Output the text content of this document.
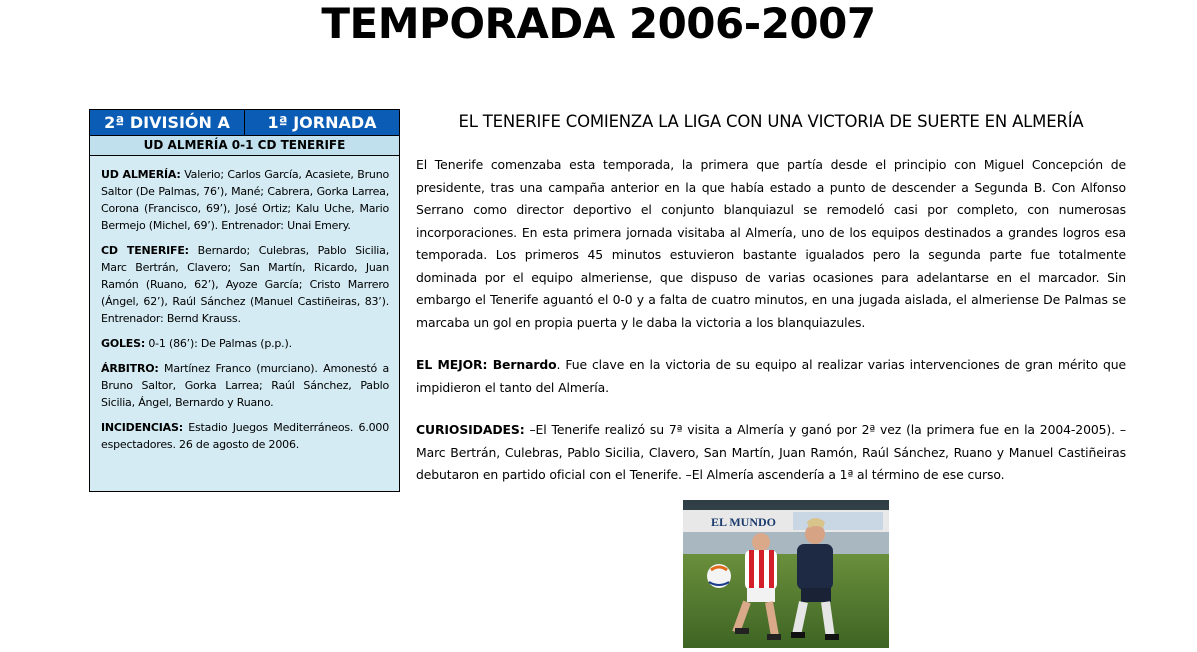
TEMPORADA 2006-2007
2ª DIVISIÓN A	1ª JORNADA
UD ALMERÍA 0-1 CD TENERIFE

UD ALMERÍA: Valerio; Carlos García, Acasiete, Bruno Saltor (De Palmas, 76’), Mané; Cabrera, Gorka Larrea, Corona (Francisco, 69’), José Ortiz; Kalu Uche, Mario Bermejo (Michel, 69’). Entrenador: Unai Emery.

CD TENERIFE: Bernardo; Culebras, Pablo Sicilia, Marc Bertrán, Clavero; San Martín, Ricardo, Juan Ramón (Ruano, 62’), Ayoze García; Cristo Marrero (Ángel, 62’), Raúl Sánchez (Manuel Castiñeiras, 83’). Entrenador: Bernd Krauss.

GOLES: 0-1 (86’): De Palmas (p.p.).

ÁRBITRO: Martínez Franco (murciano). Amonestó a Bruno Saltor, Gorka Larrea; Raúl Sánchez, Pablo Sicilia, Ángel, Bernardo y Ruano.

INCIDENCIAS: Estadio Juegos Mediterráneos. 6.000 espectadores. 26 de agosto de 2006.

EL TENERIFE COMIENZA LA LIGA CON UNA VICTORIA DE SUERTE EN ALMERÍA

El Tenerife comenzaba esta temporada, la primera que partía desde el principio con Miguel Concepción de presidente, tras una campaña anterior en la que había estado a punto de descender a Segunda B. Con Alfonso Serrano como director deportivo el conjunto blanquiazul se remodeló casi por completo, con numerosas incorporaciones. En esta primera jornada visitaba al Almería, uno de los equipos destinados a grandes logros esa temporada. Los primeros 45 minutos estuvieron bastante igualados pero la segunda parte fue totalmente dominada por el equipo almeriense, que dispuso de varias ocasiones para adelantarse en el marcador. Sin embargo el Tenerife aguantó el 0-0 y a falta de cuatro minutos, en una jugada aislada, el almeriense De Palmas se marcaba un gol en propia puerta y le daba la victoria a los blanquiazules.

EL MEJOR: Bernardo. Fue clave en la victoria de su equipo al realizar varias intervenciones de gran mérito que impidieron el tanto del Almería.

CURIOSIDADES: –El Tenerife realizó su 7ª visita a Almería y ganó por 2ª vez (la primera fue en la 2004-2005). –Marc Bertrán, Culebras, Pablo Sicilia, Clavero, San Martín, Juan Ramón, Raúl Sánchez, Ruano y Manuel Castiñeiras debutaron en partido oficial con el Tenerife. –El Almería ascendería a 1ª al término de ese curso.

EL MUNDO
